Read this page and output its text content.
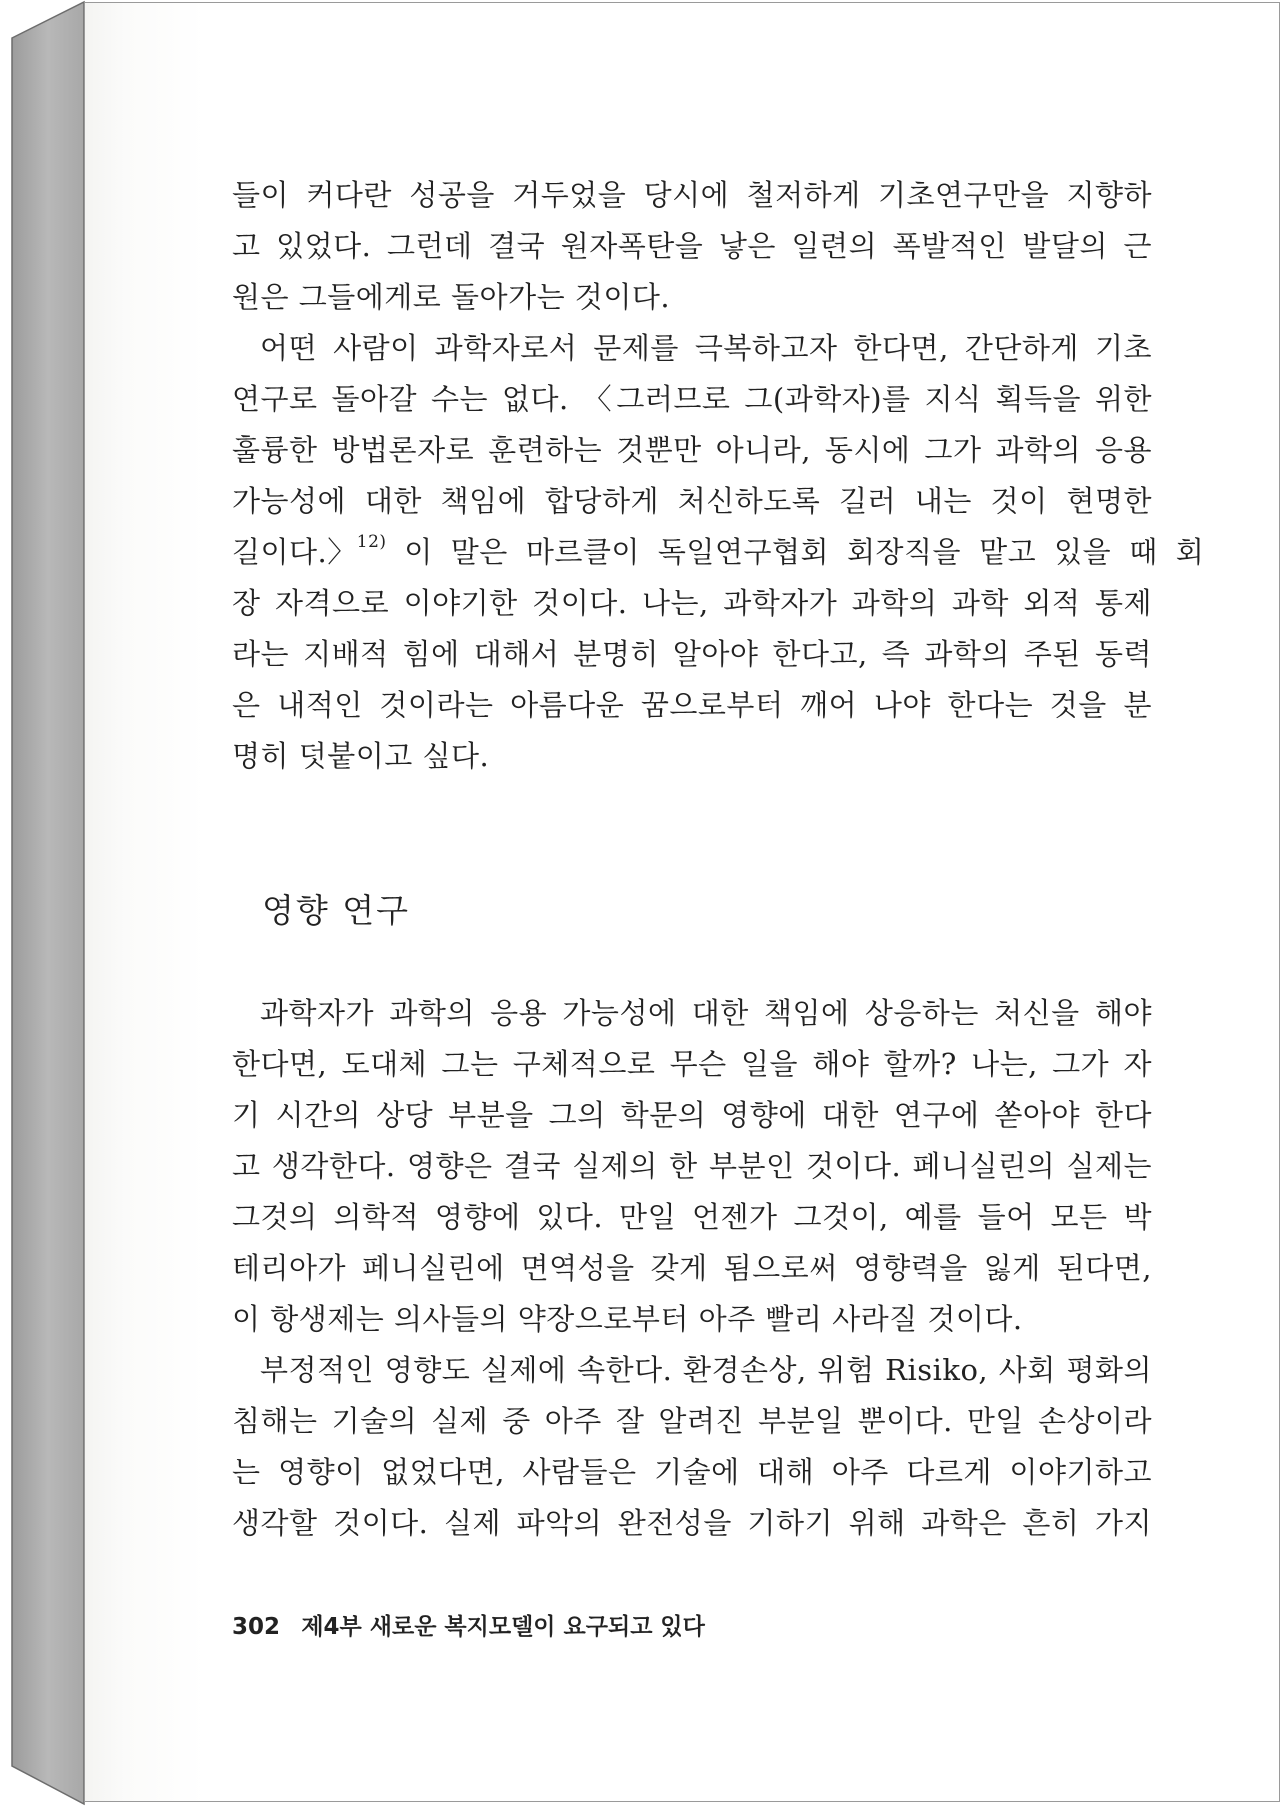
들이 커다란 성공을 거두었을 당시에 철저하게 기초연구만을 지향하
고 있었다. 그런데 결국 원자폭탄을 낳은 일련의 폭발적인 발달의 근
원은 그들에게로 돌아가는 것이다.
어떤 사람이 과학자로서 문제를 극복하고자 한다면, 간단하게 기초
연구로 돌아갈 수는 없다. 〈그러므로 그(과학자)를 지식 획득을 위한
훌륭한 방법론자로 훈련하는 것뿐만 아니라, 동시에 그가 과학의 응용
가능성에 대한 책임에 합당하게 처신하도록 길러 내는 것이 현명한
길이다.〉$^{12)}$ 이 말은 마르클이 독일연구협회 회장직을 맡고 있을 때 회
장 자격으로 이야기한 것이다. 나는, 과학자가 과학의 과학 외적 통제
라는 지배적 힘에 대해서 분명히 알아야 한다고, 즉 과학의 주된 동력
은 내적인 것이라는 아름다운 꿈으로부터 깨어 나야 한다는 것을 분
명히 덧붙이고 싶다.
영향 연구
과학자가 과학의 응용 가능성에 대한 책임에 상응하는 처신을 해야
한다면, 도대체 그는 구체적으로 무슨 일을 해야 할까? 나는, 그가 자
기 시간의 상당 부분을 그의 학문의 영향에 대한 연구에 쏟아야 한다
고 생각한다. 영향은 결국 실제의 한 부분인 것이다. 페니실린의 실제는
그것의 의학적 영향에 있다. 만일 언젠가 그것이, 예를 들어 모든 박
테리아가 페니실린에 면역성을 갖게 됨으로써 영향력을 잃게 된다면,
이 항생제는 의사들의 약장으로부터 아주 빨리 사라질 것이다.
부정적인 영향도 실제에 속한다. 환경손상, 위험 Risiko, 사회 평화의
침해는 기술의 실제 중 아주 잘 알려진 부분일 뿐이다. 만일 손상이라
는 영향이 없었다면, 사람들은 기술에 대해 아주 다르게 이야기하고
생각할 것이다. 실제 파악의 완전성을 기하기 위해 과학은 흔히 가지
302 제4부 새로운 복지모델이 요구되고 있다
